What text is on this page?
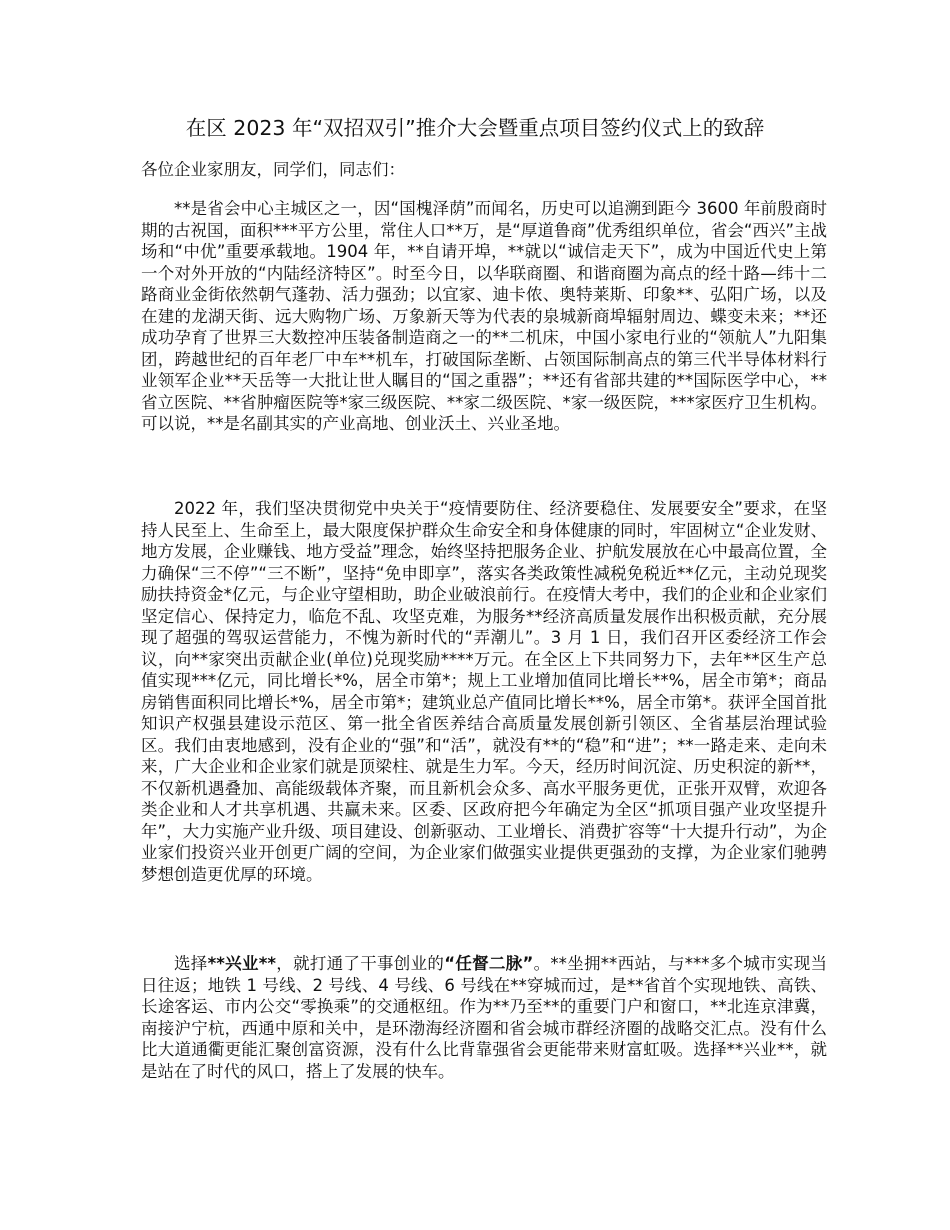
在区 2023 年“双招双引”推介大会暨重点项目签约仪式上的致辞

各位企业家朋友，同学们，同志们：

**是省会中心主城区之一，因“国槐泽荫”而闻名，历史可以追溯到距今 3600 年前殷商时期的古祝国，面积***平方公里，常住人口**万，是“厚道鲁商”优秀组织单位，省会“西兴”主战场和“中优”重要承载地。1904 年，**自请开埠，**就以“诚信走天下”，成为中国近代史上第一个对外开放的“内陆经济特区”。时至今日，以华联商圈、和谐商圈为高点的经十路—纬十二路商业金街依然朝气蓬勃、活力强劲；以宜家、迪卡侬、奥特莱斯、印象**、弘阳广场，以及在建的龙湖天街、远大购物广场、万象新天等为代表的泉城新商埠辐射周边、蝶变未来；**还成功孕育了世界三大数控冲压装备制造商之一的**二机床，中国小家电行业的“领航人”九阳集团，跨越世纪的百年老厂中车**机车，打破国际垄断、占领国际制高点的第三代半导体材料行业领军企业**天岳等一大批让世人瞩目的“国之重器”；**还有省部共建的**国际医学中心，**省立医院、**省肿瘤医院等*家三级医院、**家二级医院、*家一级医院，***家医疗卫生机构。可以说，**是名副其实的产业高地、创业沃土、兴业圣地。

2022 年，我们坚决贯彻党中央关于“疫情要防住、经济要稳住、发展要安全”要求，在坚持人民至上、生命至上，最大限度保护群众生命安全和身体健康的同时，牢固树立“企业发财、地方发展，企业赚钱、地方受益”理念，始终坚持把服务企业、护航发展放在心中最高位置，全力确保“三不停”“三不断”，坚持“免申即享”，落实各类政策性减税免税近**亿元，主动兑现奖励扶持资金*亿元，与企业守望相助，助企业破浪前行。在疫情大考中，我们的企业和企业家们坚定信心、保持定力，临危不乱、攻坚克难，为服务**经济高质量发展作出积极贡献，充分展现了超强的驾驭运营能力，不愧为新时代的“弄潮儿”。3 月 1 日，我们召开区委经济工作会议，向**家突出贡献企业(单位)兑现奖励****万元。在全区上下共同努力下，去年**区生产总值实现***亿元，同比增长*%，居全市第*；规上工业增加值同比增长**%，居全市第*；商品房销售面积同比增长*%，居全市第*；建筑业总产值同比增长**%，居全市第*。获评全国首批知识产权强县建设示范区、第一批全省医养结合高质量发展创新引领区、全省基层治理试验区。我们由衷地感到，没有企业的“强”和“活”，就没有**的“稳”和“进”；**一路走来、走向未来，广大企业和企业家们就是顶梁柱、就是生力军。今天，经历时间沉淀、历史积淀的新**，不仅新机遇叠加、高能级载体齐聚，而且新机会众多、高水平服务更优，正张开双臂，欢迎各类企业和人才共享机遇、共赢未来。区委、区政府把今年确定为全区“抓项目强产业攻坚提升年”，大力实施产业升级、项目建设、创新驱动、工业增长、消费扩容等“十大提升行动”，为企业家们投资兴业开创更广阔的空间，为企业家们做强实业提供更强劲的支撑，为企业家们驰骋梦想创造更优厚的环境。

选择**兴业**，就打通了干事创业的“任督二脉”。**坐拥**西站，与***多个城市实现当日往返；地铁 1 号线、2 号线、4 号线、6 号线在**穿城而过，是**省首个实现地铁、高铁、长途客运、市内公交“零换乘”的交通枢纽。作为**乃至**的重要门户和窗口，**北连京津冀，南接沪宁杭，西通中原和关中，是环渤海经济圈和省会城市群经济圈的战略交汇点。没有什么比大道通衢更能汇聚创富资源，没有什么比背靠强省会更能带来财富虹吸。选择**兴业**，就是站在了时代的风口，搭上了发展的快车。
